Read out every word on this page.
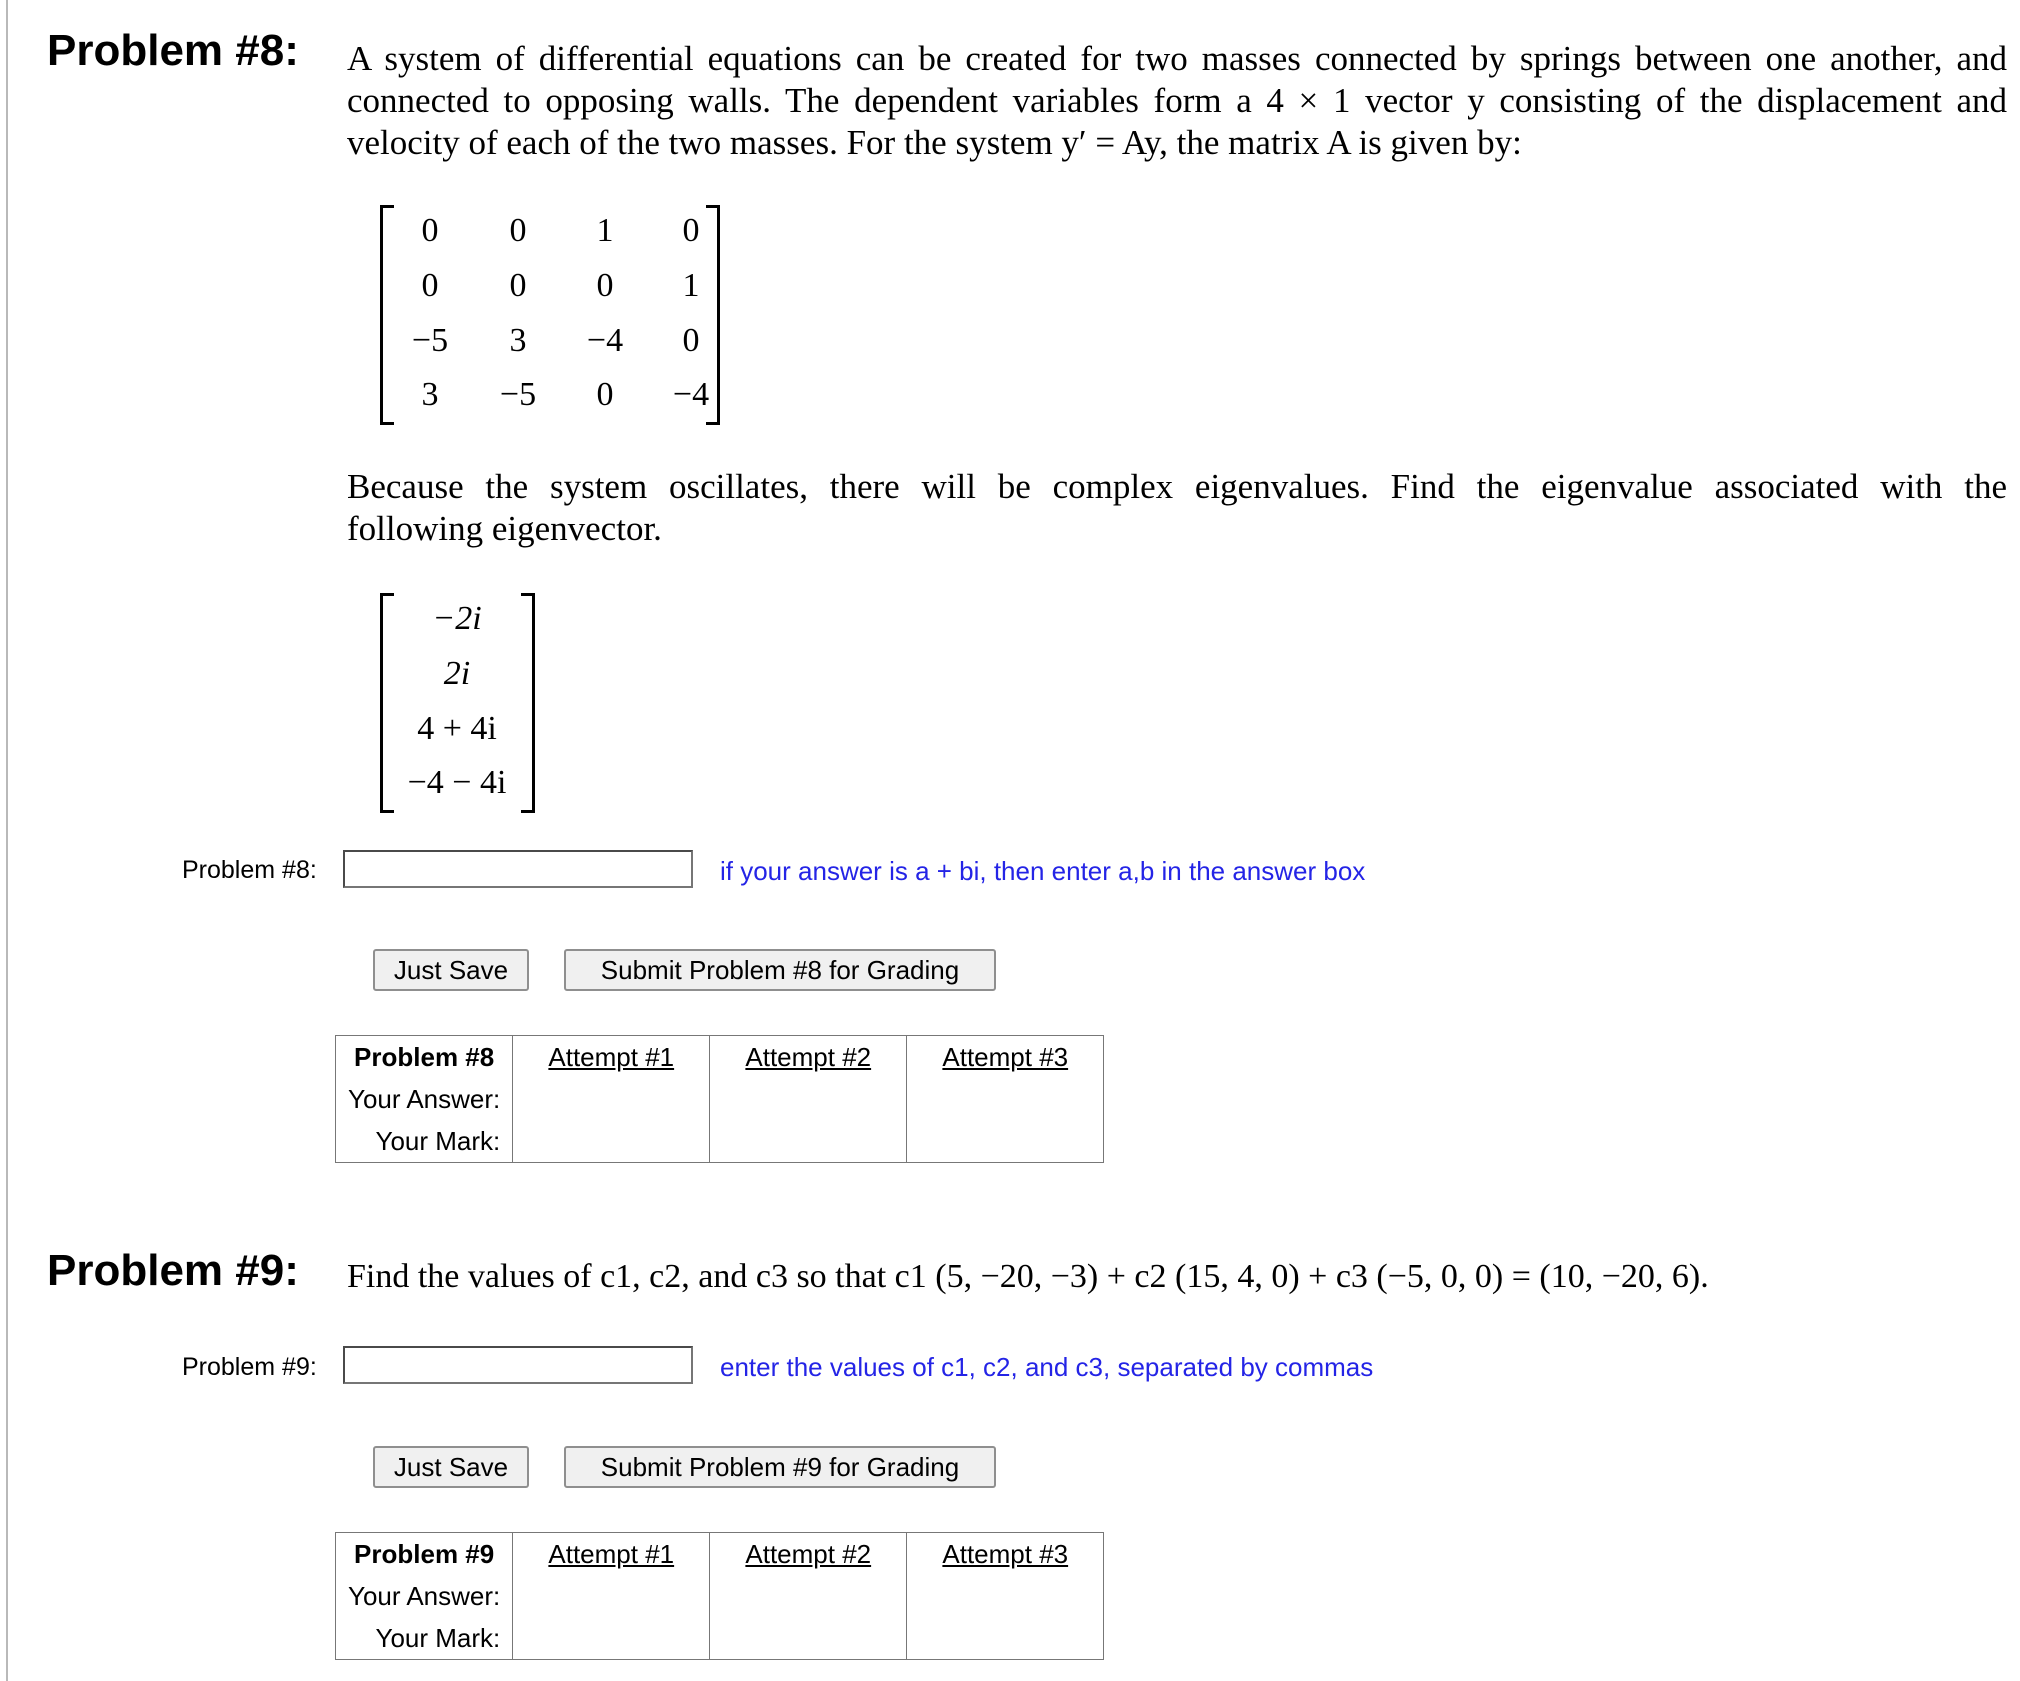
Problem #8: A system of differential equations can be created for two masses connected by springs between one another, and
connected to opposing walls. The dependent variables form a 4 × 1 vector y consisting of the displacement and
velocity of each of the two masses. For the system y′ = Ay, the matrix A is given by:
0	0	1	0
0	0	0	1
−5	3	−4	0
3	−5	0	−4
Because the system oscillates, there will be complex eigenvalues. Find the eigenvalue associated with the
following eigenvector.
−2i
2i
4 + 4i
−4 − 4i
Problem #8:	if your answer is a + bi, then enter a,b in the answer box
Just Save	Submit Problem #8 for Grading
Problem #8	Attempt #1	Attempt #2	Attempt #3
Your Answer:			
Your Mark:			
Problem #9: Find the values of c1, c2, and c3 so that c1 (5, −20, −3) + c2 (15, 4, 0) + c3 (−5, 0, 0) = (10, −20, 6).
Problem #9:	enter the values of c1, c2, and c3, separated by commas
Just Save	Submit Problem #9 for Grading
Problem #9	Attempt #1	Attempt #2	Attempt #3
Your Answer:			
Your Mark:			
